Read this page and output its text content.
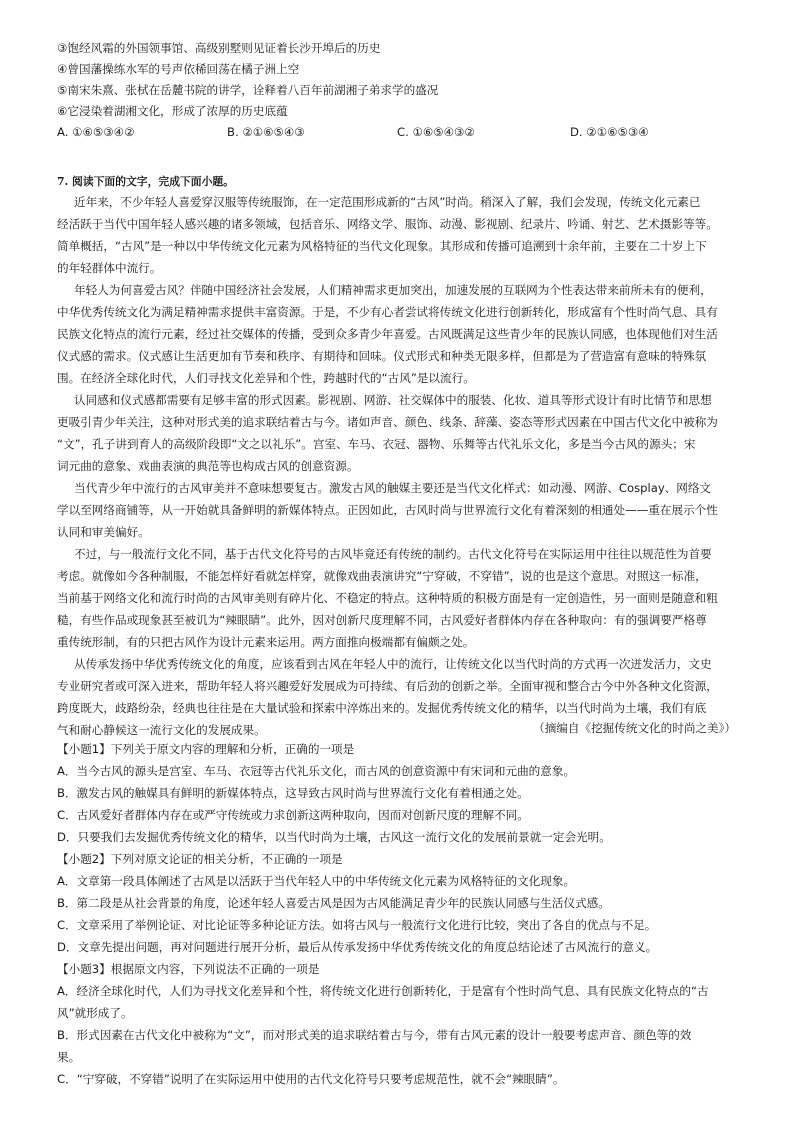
③饱经风霜的外国领事馆、高级别墅则见证着长沙开埠后的历史
④曾国藩操练水军的号声依稀回荡在橘子洲上空
⑤南宋朱熹、张栻在岳麓书院的讲学，诠释着八百年前湖湘子弟求学的盛况
⑥它浸染着湖湘文化，形成了浓厚的历史底蕴
A. ①⑥⑤③④②	B. ②①⑥⑤④③	C. ①⑥⑤④③②	D. ②①⑥⑤③④
7. 阅读下面的文字，完成下面小题。
近年来，不少年轻人喜爱穿汉服等传统服饰，在一定范围形成新的“古风”时尚。稍深入了解，我们会发现，传统文化元素已
经活跃于当代中国年轻人感兴趣的诸多领域，包括音乐、网络文学、服饰、动漫、影视剧、纪录片、吟诵、射艺、艺术摄影等等。
简单概括，“古风”是一种以中华传统文化元素为风格特征的当代文化现象。其形成和传播可追溯到十余年前，主要在二十岁上下
的年轻群体中流行。
年轻人为何喜爱古风？伴随中国经济社会发展，人们精神需求更加突出，加速发展的互联网为个性表达带来前所未有的便利，
中华优秀传统文化为满足精神需求提供丰富资源。于是，不少有心者尝试将传统文化进行创新转化，形成富有个性时尚气息、具有
民族文化特点的流行元素，经过社交媒体的传播，受到众多青少年喜爱。古风既满足这些青少年的民族认同感，也体现他们对生活
仪式感的需求。仪式感让生活更加有节奏和秩序、有期待和回味。仪式形式和种类无限多样，但都是为了营造富有意味的特殊氛
围。在经济全球化时代，人们寻找文化差异和个性，跨越时代的“古风”是以流行。
认同感和仪式感都需要有足够丰富的形式因素。影视剧、网游、社交媒体中的服装、化妆、道具等形式设计有时比情节和思想
更吸引青少年关注，这种对形式美的追求联结着古与今。诸如声音、颜色、线条、辞藻、姿态等形式因素在中国古代文化中被称为
“文”，孔子讲到育人的高级阶段即“文之以礼乐”。宫室、车马、衣冠、器物、乐舞等古代礼乐文化，多是当今古风的源头；宋
词元曲的意象、戏曲表演的典范等也构成古风的创意资源。
当代青少年中流行的古风审美并不意味想要复古。激发古风的触媒主要还是当代文化样式：如动漫、网游、Cosplay、网络文
学以至网络商铺等，从一开始就具备鲜明的新媒体特点。正因如此，古风时尚与世界流行文化有着深刻的相通处——重在展示个性
认同和审美偏好。
不过，与一般流行文化不同，基于古代文化符号的古风毕竟还有传统的制约。古代文化符号在实际运用中往往以规范性为首要
考虑。就像如今各种制服，不能怎样好看就怎样穿，就像戏曲表演讲究“宁穿破，不穿错”，说的也是这个意思。对照这一标准，
当前基于网络文化和流行时尚的古风审美则有碎片化、不稳定的特点。这种特质的积极方面是有一定创造性，另一面则是随意和粗
糙，有些作品或现象甚至被讥为“辣眼睛”。此外，因对创新尺度理解不同，古风爱好者群体内存在各种取向：有的强调要严格尊
重传统形制，有的只把古风作为设计元素来运用。两方面推向极端都有偏颇之处。
从传承发扬中华优秀传统文化的角度，应该看到古风在年轻人中的流行，让传统文化以当代时尚的方式再一次迸发活力，文史
专业研究者或可深入进来，帮助年轻人将兴趣爱好发展成为可持续、有后劲的创新之举。全面审视和整合古今中外各种文化资源，
跨度既大，歧路纷杂，经典也往往是在大量试验和探索中淬炼出来的。发掘优秀传统文化的精华，以当代时尚为土壤，我们有底
气和耐心静候这一流行文化的发展成果。	（摘编自《挖掘传统文化的时尚之美》）
【小题1】下列关于原文内容的理解和分析，正确的一项是
A．当今古风的源头是宫室、车马、衣冠等古代礼乐文化，而古风的创意资源中有宋词和元曲的意象。
B．激发古风的触媒具有鲜明的新媒体特点，这导致古风时尚与世界流行文化有着相通之处。
C．古风爱好者群体内存在或严守传统或力求创新这两种取向，因而对创新尺度的理解不同。
D．只要我们去发掘优秀传统文化的精华，以当代时尚为土壤，古风这一流行文化的发展前景就一定会光明。
【小题2】下列对原文论证的相关分析，不正确的一项是
A．文章第一段具体阐述了古风是以活跃于当代年轻人中的中华传统文化元素为风格特征的文化现象。
B．第二段是从社会背景的角度，论述年轻人喜爱古风是因为古风能满足青少年的民族认同感与生活仪式感。
C．文章采用了举例论证、对比论证等多种论证方法。如将古风与一般流行文化进行比较，突出了各自的优点与不足。
D．文章先提出问题，再对问题进行展开分析，最后从传承发扬中华优秀传统文化的角度总结论述了古风流行的意义。
【小题3】根据原文内容，下列说法不正确的一项是
A．经济全球化时代，人们为寻找文化差异和个性，将传统文化进行创新转化，于是富有个性时尚气息、具有民族文化特点的“古
风”就形成了。
B．形式因素在古代文化中被称为“文”，而对形式美的追求联结着古与今，带有古风元素的设计一般要考虑声音、颜色等的效
果。
C．“宁穿破，不穿错”说明了在实际运用中使用的古代文化符号只要考虑规范性，就不会“辣眼睛”。
